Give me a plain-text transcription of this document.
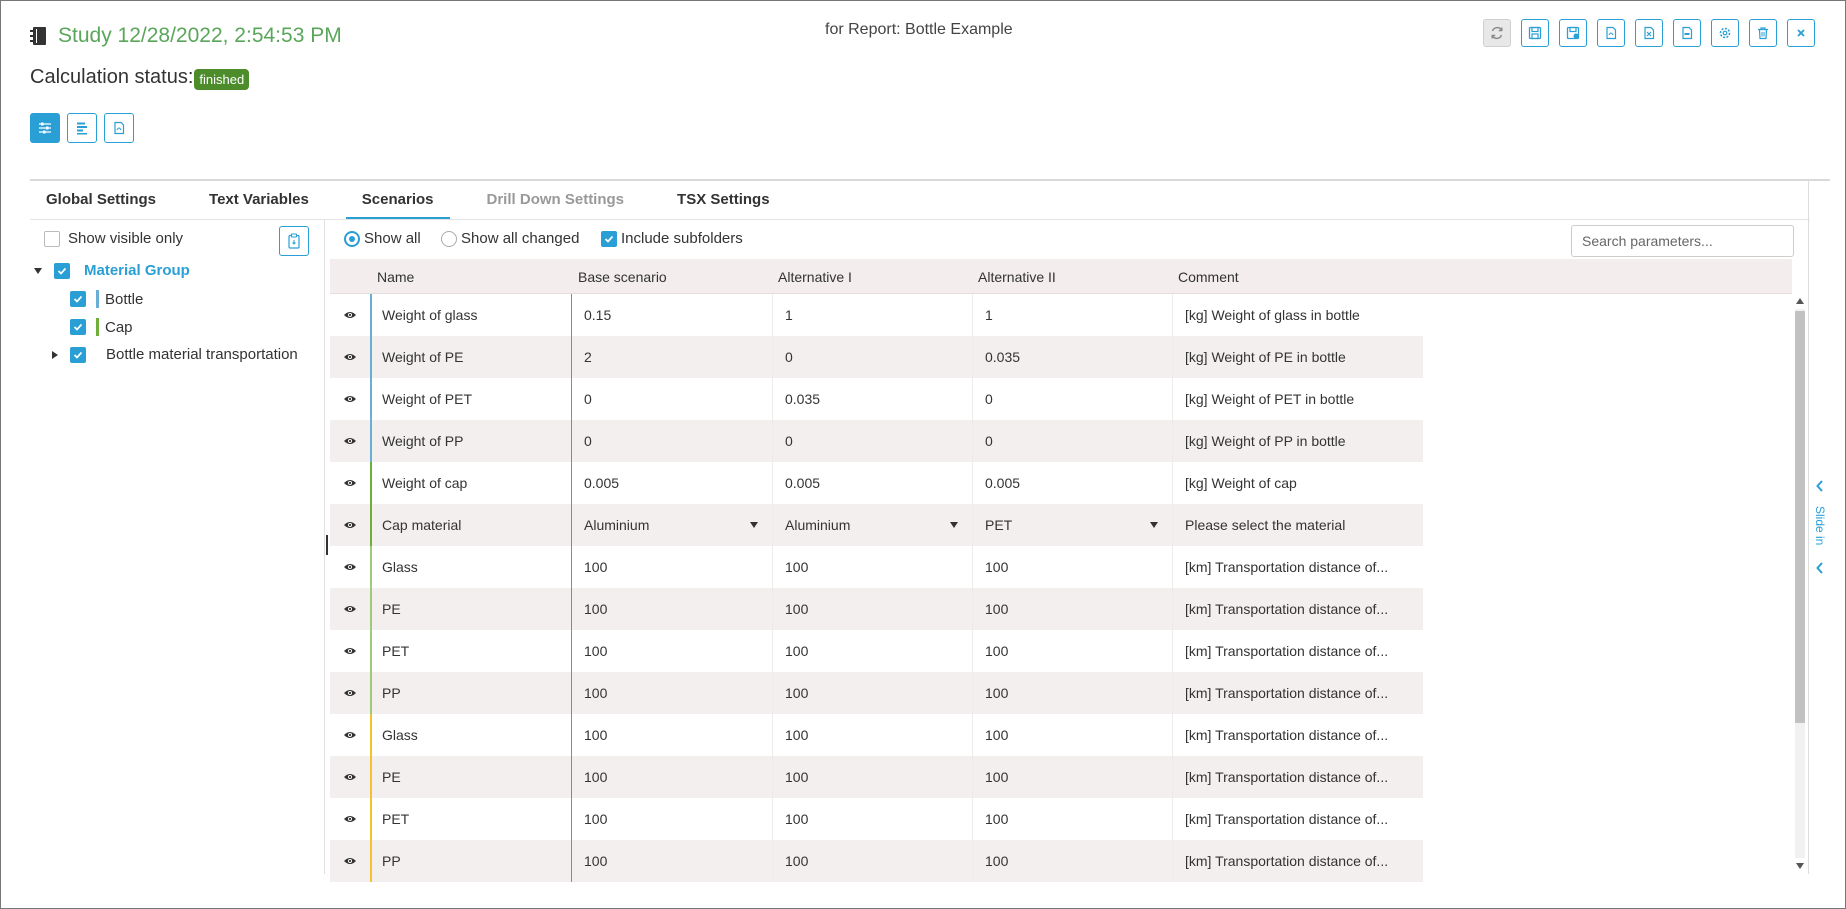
Study 12/28/2022, 2:54:53 PM	for Report: Bottle Example
Calculation status: finished
Global Settings	Text Variables	Scenarios	Drill Down Settings	TSX Settings
Show visible only
Material Group
Bottle
Cap
Bottle material transportation
Show all	Show all changed	Include subfolders
Search parameters...
Name	Base scenario	Alternative I	Alternative II	Comment
Weight of glass	0.15	1	1	[kg] Weight of glass in bottle
Weight of PE	2	0	0.035	[kg] Weight of PE in bottle
Weight of PET	0	0.035	0	[kg] Weight of PET in bottle
Weight of PP	0	0	0	[kg] Weight of PP in bottle
Weight of cap	0.005	0.005	0.005	[kg] Weight of cap
Cap material	Aluminium	Aluminium	PET	Please select the material
Glass	100	100	100	[km] Transportation distance of...
PE	100	100	100	[km] Transportation distance of...
PET	100	100	100	[km] Transportation distance of...
PP	100	100	100	[km] Transportation distance of...
Glass	100	100	100	[km] Transportation distance of...
PE	100	100	100	[km] Transportation distance of...
PET	100	100	100	[km] Transportation distance of...
PP	100	100	100	[km] Transportation distance of...
Slide in
